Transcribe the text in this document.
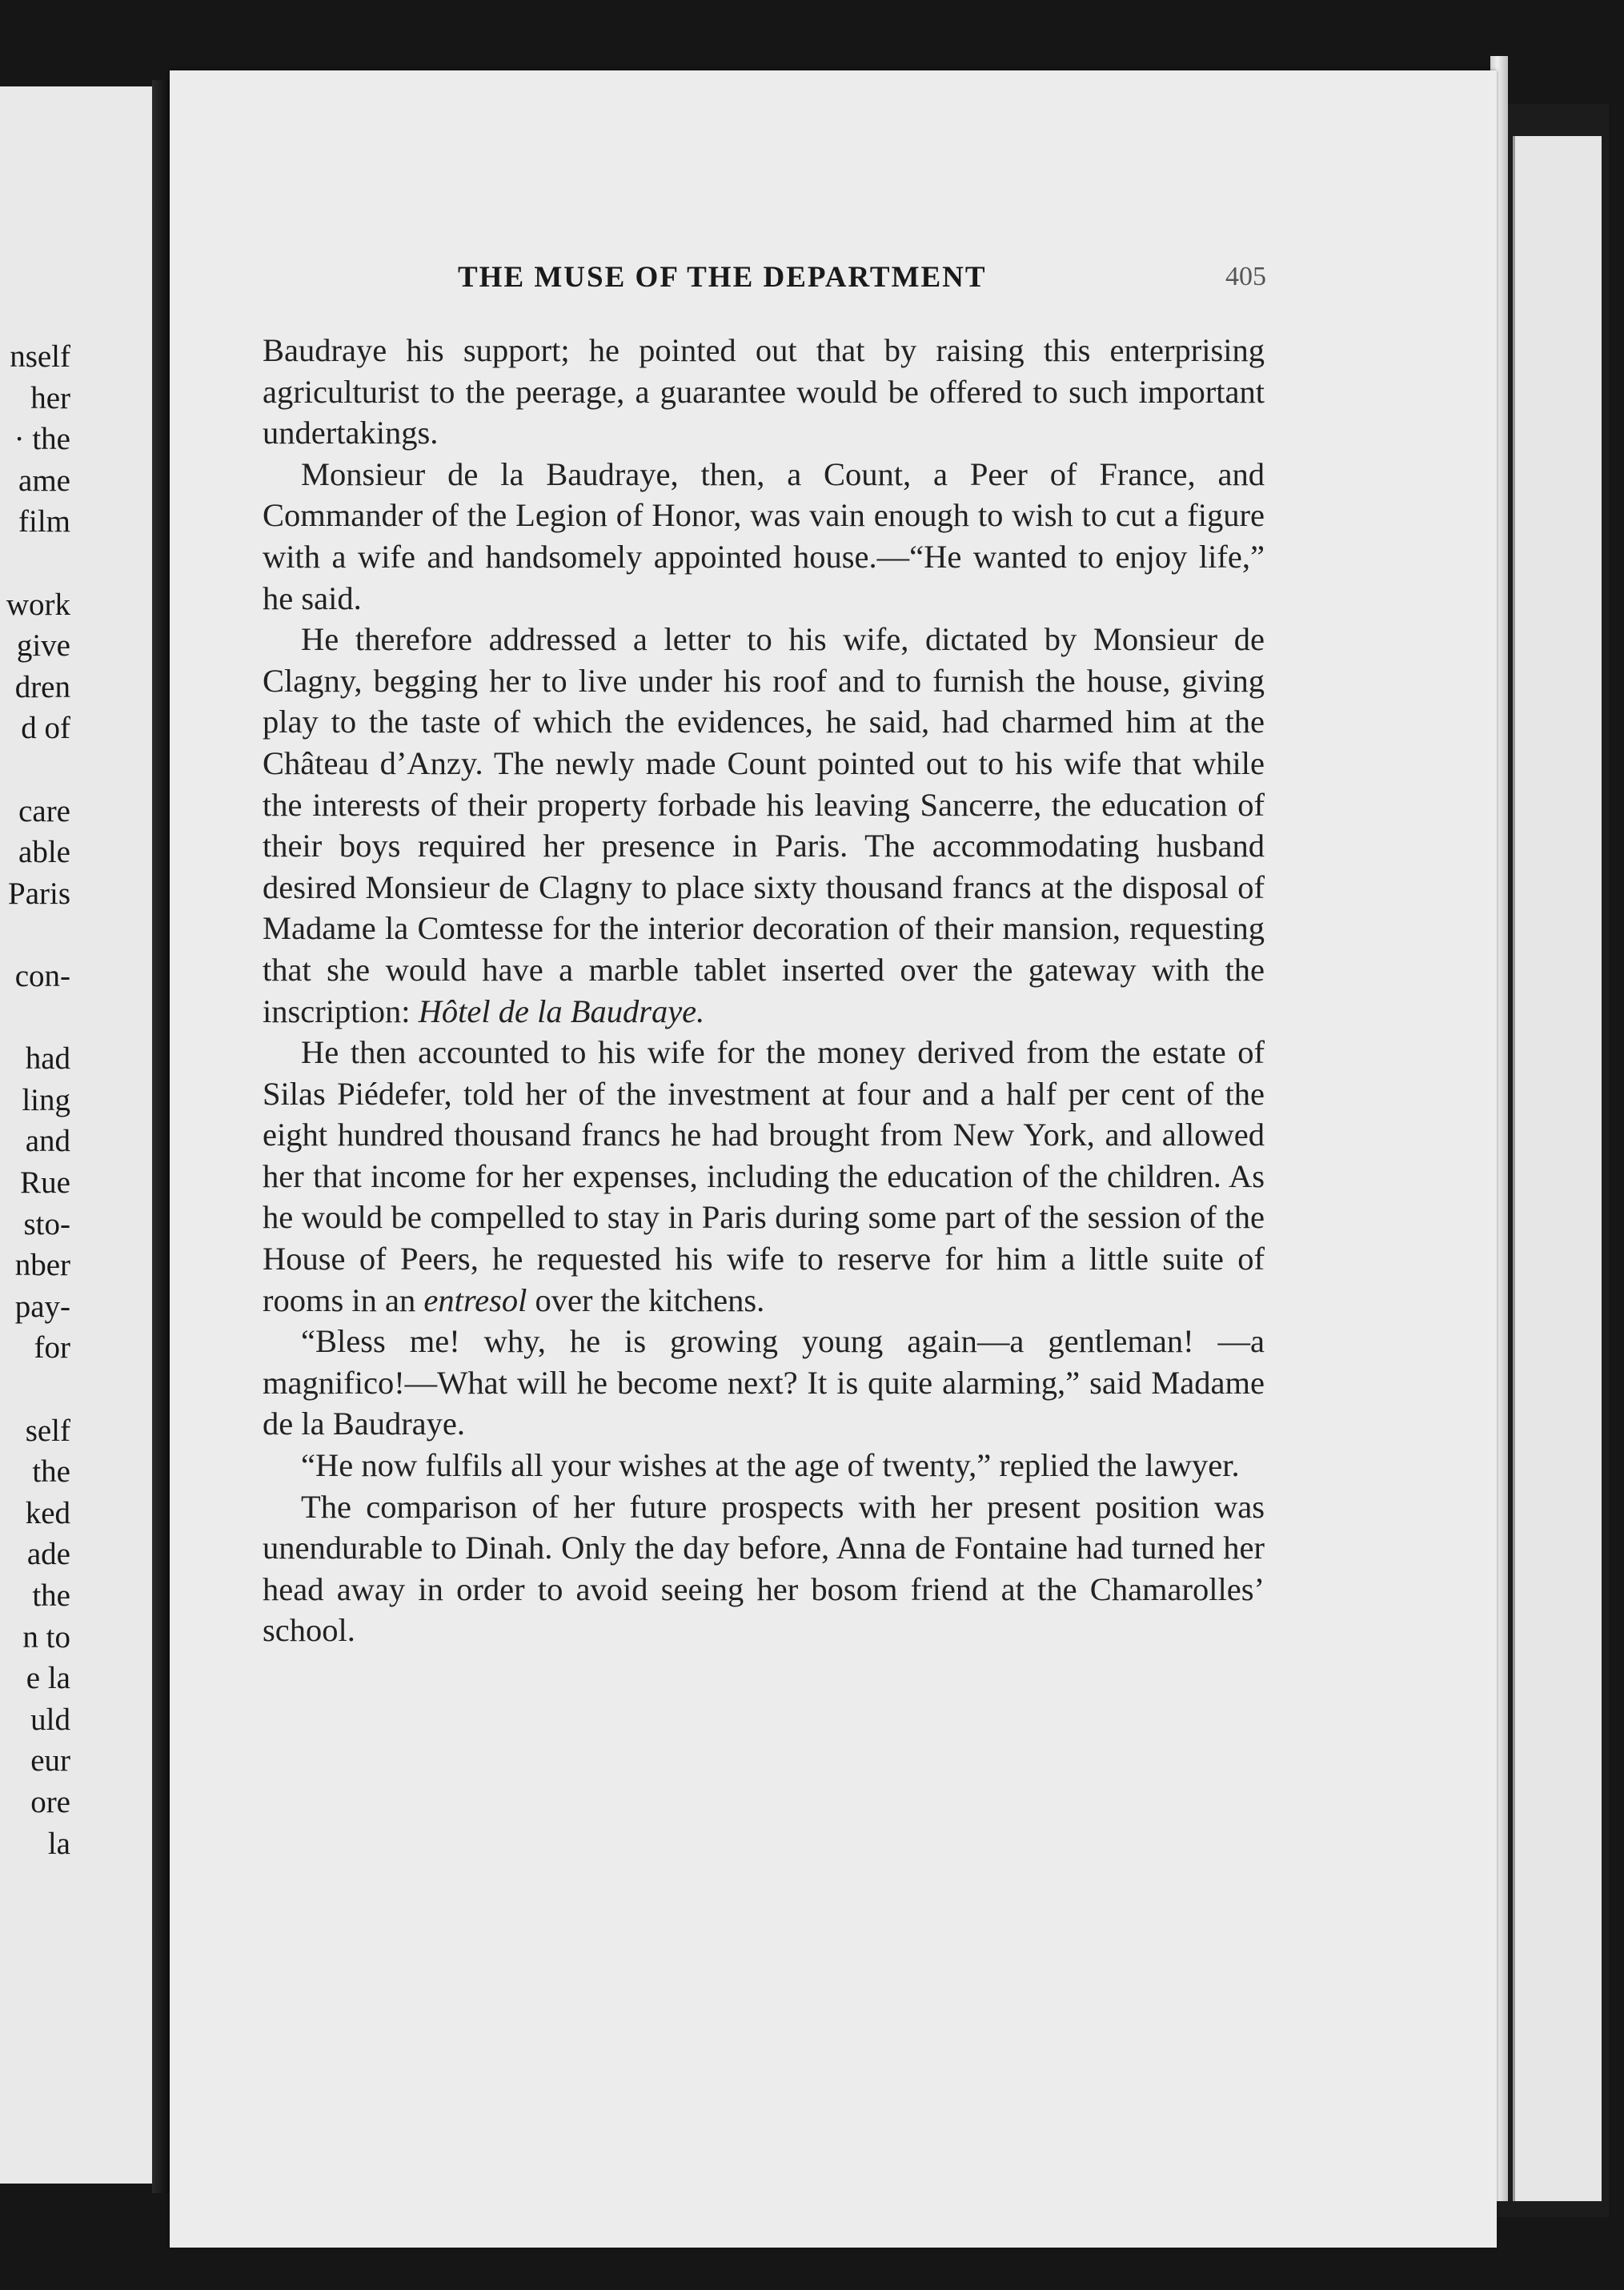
nself
her
· the
ame
film
work
give
dren
d of
care
able
Paris
con-
had
ling
and
Rue
sto-
nber
pay-
for
self
the
ked
ade
the
n to
e la
uld
eur
ore
la
THE MUSE OF THE DEPARTMENT	405

Baudraye his support; he pointed out that by raising this enterprising agriculturist to the peerage, a guarantee would be offered to such important undertakings.

Monsieur de la Baudraye, then, a Count, a Peer of France, and Commander of the Legion of Honor, was vain enough to wish to cut a figure with a wife and handsomely appointed house.—“He wanted to enjoy life,” he said.

He therefore addressed a letter to his wife, dictated by Monsieur de Clagny, begging her to live under his roof and to furnish the house, giving play to the taste of which the evidences, he said, had charmed him at the Château d’Anzy. The newly made Count pointed out to his wife that while the interests of their property forbade his leaving Sancerre, the education of their boys required her presence in Paris. The accommodating husband desired Monsieur de Clagny to place sixty thousand francs at the disposal of Madame la Comtesse for the interior decoration of their mansion, requesting that she would have a marble tablet inserted over the gateway with the inscription: Hôtel de la Baudraye.

He then accounted to his wife for the money derived from the estate of Silas Piédefer, told her of the investment at four and a half per cent of the eight hundred thousand francs he had brought from New York, and allowed her that income for her expenses, including the education of the children. As he would be compelled to stay in Paris during some part of the session of the House of Peers, he requested his wife to reserve for him a little suite of rooms in an entresol over the kitchens.

“Bless me! why, he is growing young again—a gentleman! —a magnifico!—What will he become next? It is quite alarming,” said Madame de la Baudraye.

“He now fulfils all your wishes at the age of twenty,” replied the lawyer.

The comparison of her future prospects with her present position was unendurable to Dinah. Only the day before, Anna de Fontaine had turned her head away in order to avoid seeing her bosom friend at the Chamarolles’ school.
